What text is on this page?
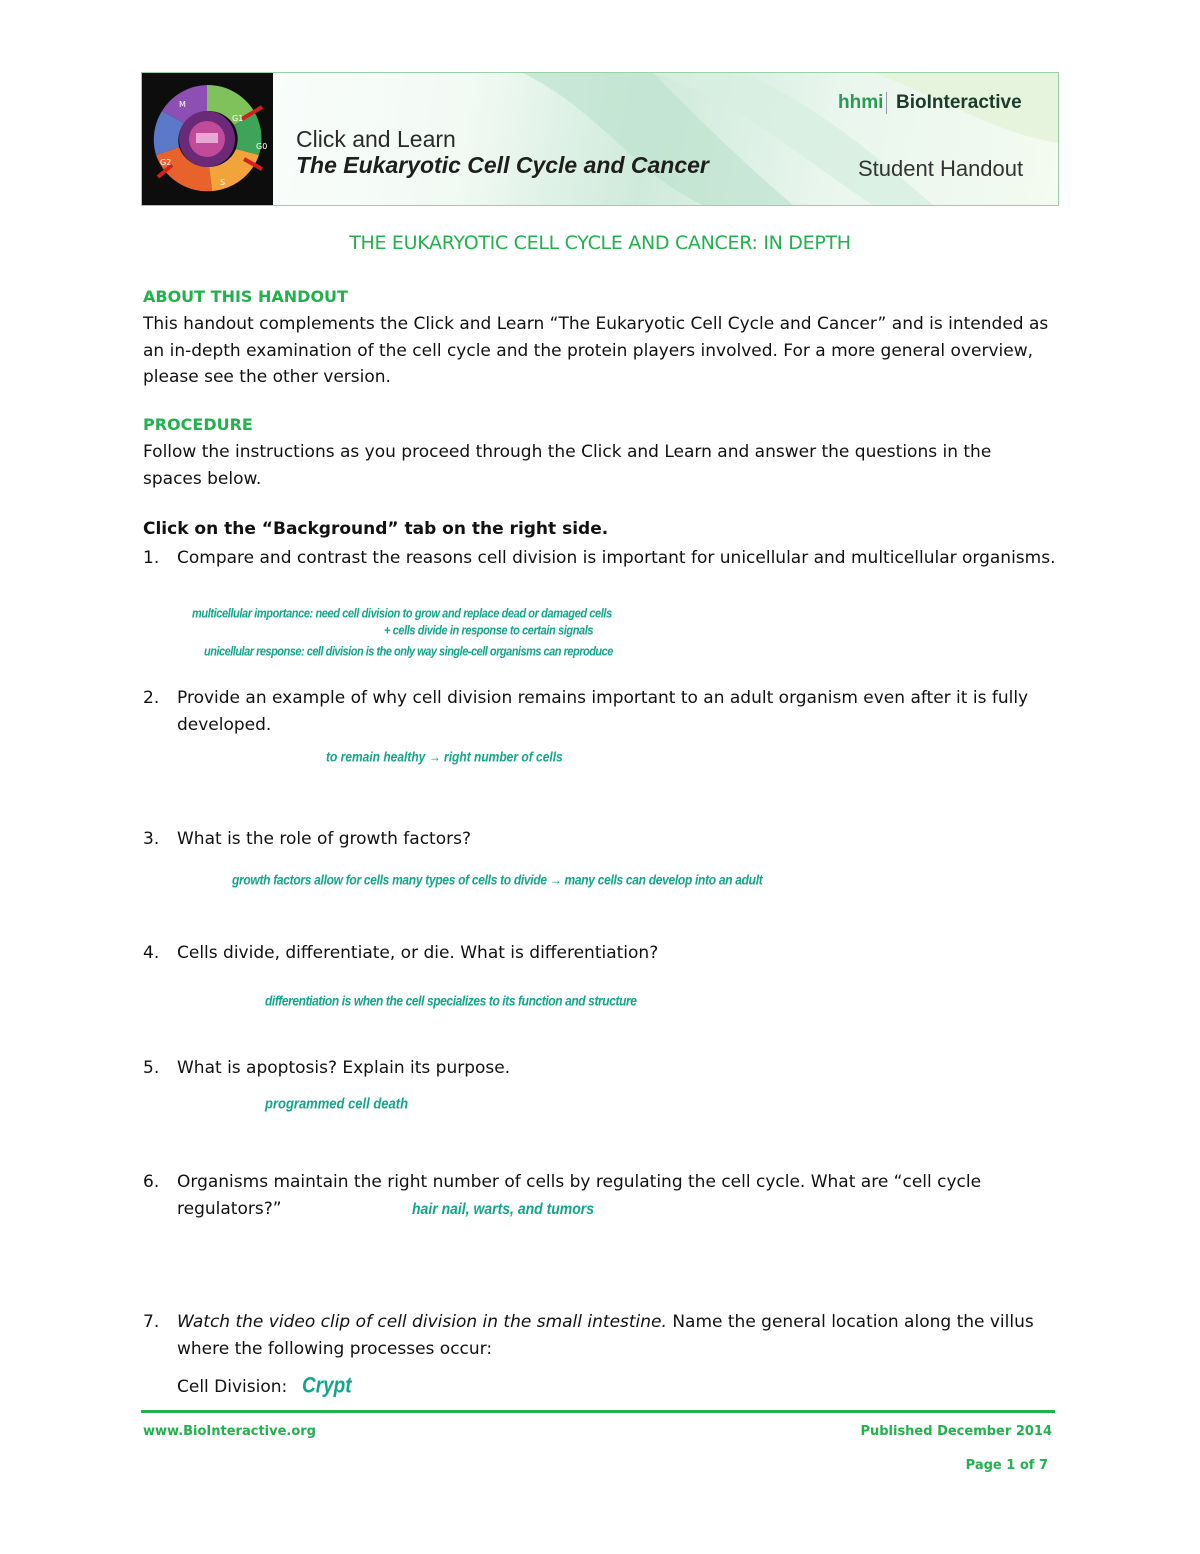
M
G1
G0
S
G2
Click and Learn
The Eukaryotic Cell Cycle and Cancer	Student Handout
hhmi BioInteractive
THE EUKARYOTIC CELL CYCLE AND CANCER: IN DEPTH
ABOUT THIS HANDOUT
This handout complements the Click and Learn “The Eukaryotic Cell Cycle and Cancer” and is intended as an in-depth examination of the cell cycle and the protein players involved. For a more general overview, please see the other version.
PROCEDURE
Follow the instructions as you proceed through the Click and Learn and answer the questions in the spaces below.
Click on the “Background” tab on the right side.
1.	Compare and contrast the reasons cell division is important for unicellular and multicellular organisms.
multicellular importance: need cell division to grow and replace dead or damaged cells
+ cells divide in response to certain signals
unicellular response: cell division is the only way single-cell organisms can reproduce
2.	Provide an example of why cell division remains important to an adult organism even after it is fully developed.
to remain healthy → right number of cells
3.	What is the role of growth factors?
growth factors allow for cells many types of cells to divide → many cells can develop into an adult
4.	Cells divide, differentiate, or die. What is differentiation?
differentiation is when the cell specializes to its function and structure
5.	What is apoptosis? Explain its purpose.
programmed cell death
6.	Organisms maintain the right number of cells by regulating the cell cycle. What are “cell cycle regulators?”	hair nail, warts, and tumors
7.	Watch the video clip of cell division in the small intestine. Name the general location along the villus where the following processes occur:
Cell Division: Crypt
www.BioInteractive.org	Published December 2014
Page 1 of 7
